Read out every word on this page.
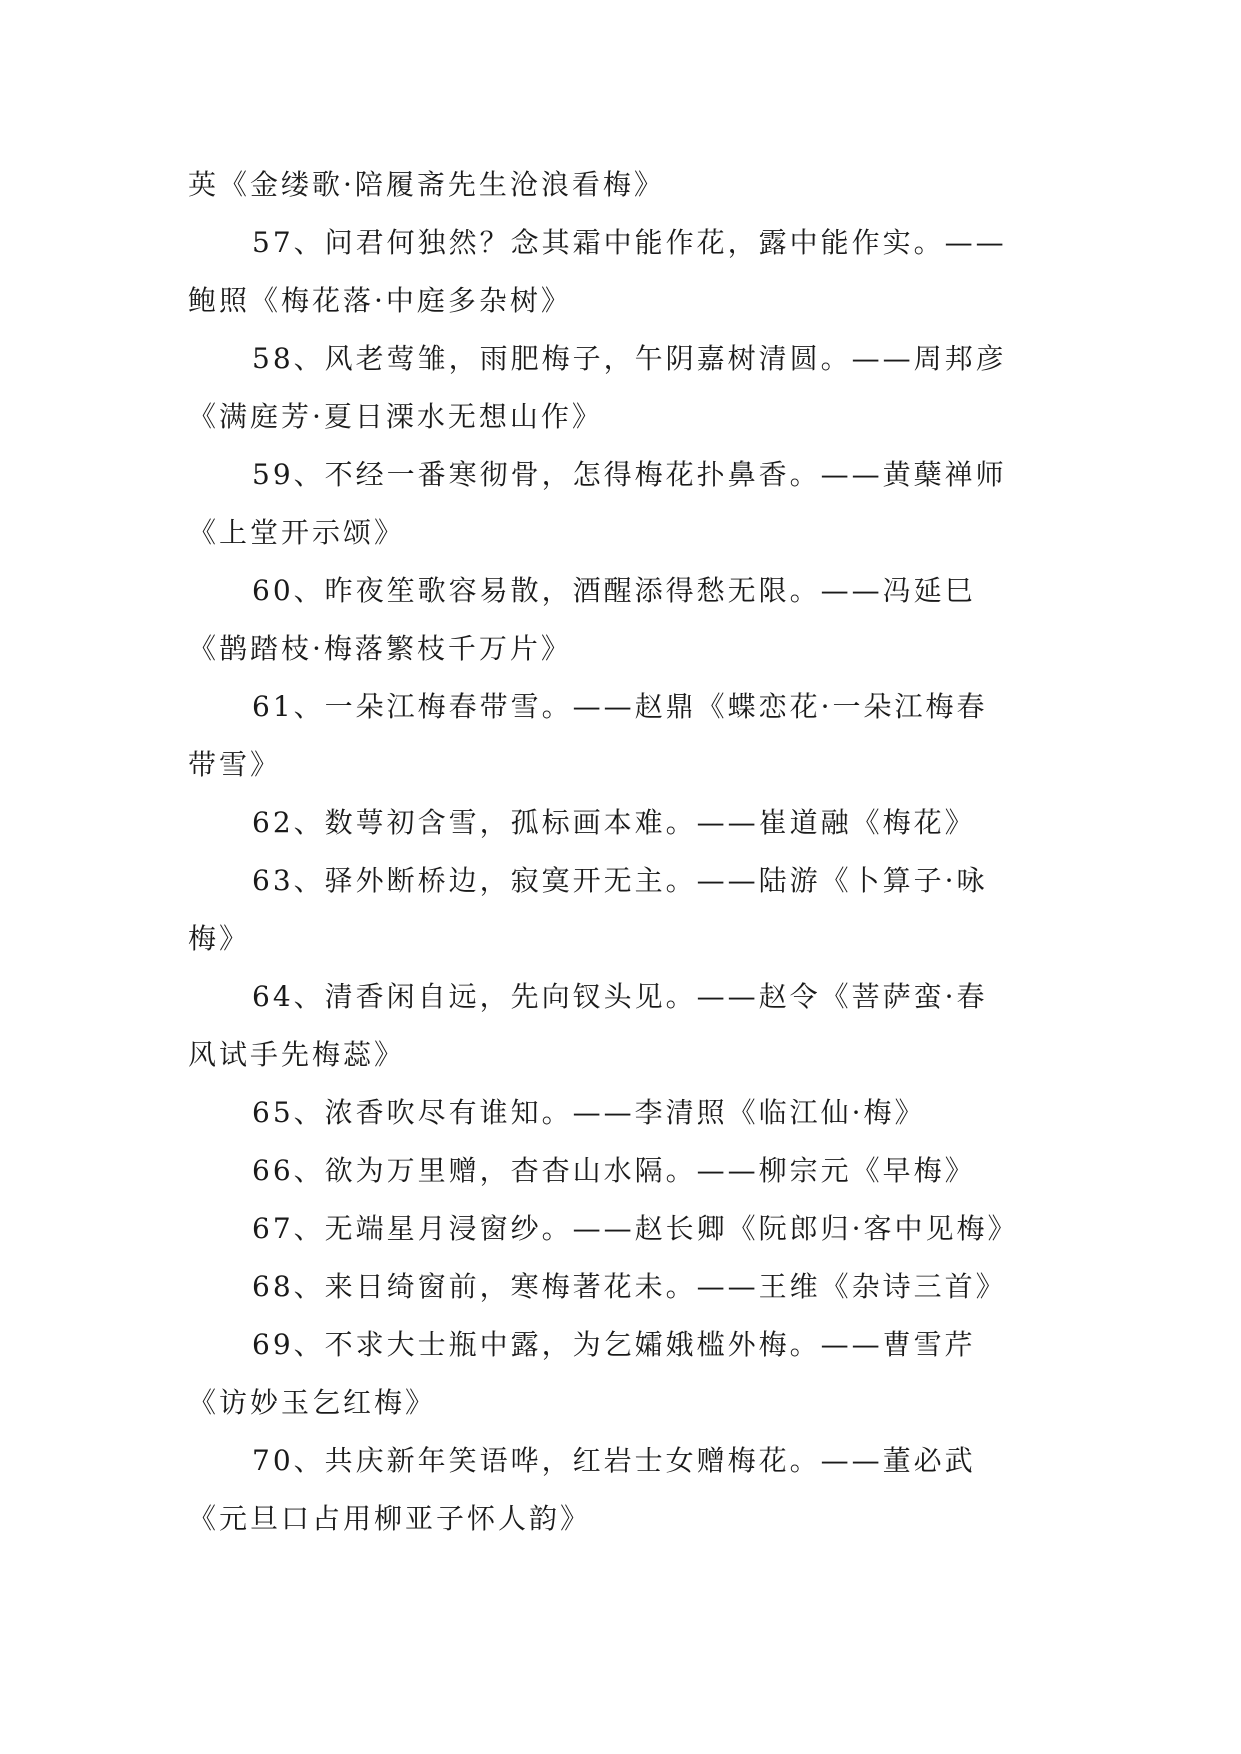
英《金缕歌·陪履斋先生沧浪看梅》
57、问君何独然？念其霜中能作花，露中能作实。——
鲍照《梅花落·中庭多杂树》
58、风老莺雏，雨肥梅子，午阴嘉树清圆。——周邦彦
《满庭芳·夏日溧水无想山作》
59、不经一番寒彻骨，怎得梅花扑鼻香。——黄蘖禅师
《上堂开示颂》
60、昨夜笙歌容易散，酒醒添得愁无限。——冯延巳
《鹊踏枝·梅落繁枝千万片》
61、一朵江梅春带雪。——赵鼎《蝶恋花·一朵江梅春
带雪》
62、数萼初含雪，孤标画本难。——崔道融《梅花》
63、驿外断桥边，寂寞开无主。——陆游《卜算子·咏
梅》
64、清香闲自远，先向钗头见。——赵令《菩萨蛮·春
风试手先梅蕊》
65、浓香吹尽有谁知。——李清照《临江仙·梅》
66、欲为万里赠，杳杳山水隔。——柳宗元《早梅》
67、无端星月浸窗纱。——赵长卿《阮郎归·客中见梅》
68、来日绮窗前，寒梅著花未。——王维《杂诗三首》
69、不求大士瓶中露，为乞孀娥槛外梅。——曹雪芹
《访妙玉乞红梅》
70、共庆新年笑语哗，红岩士女赠梅花。——董必武
《元旦口占用柳亚子怀人韵》
